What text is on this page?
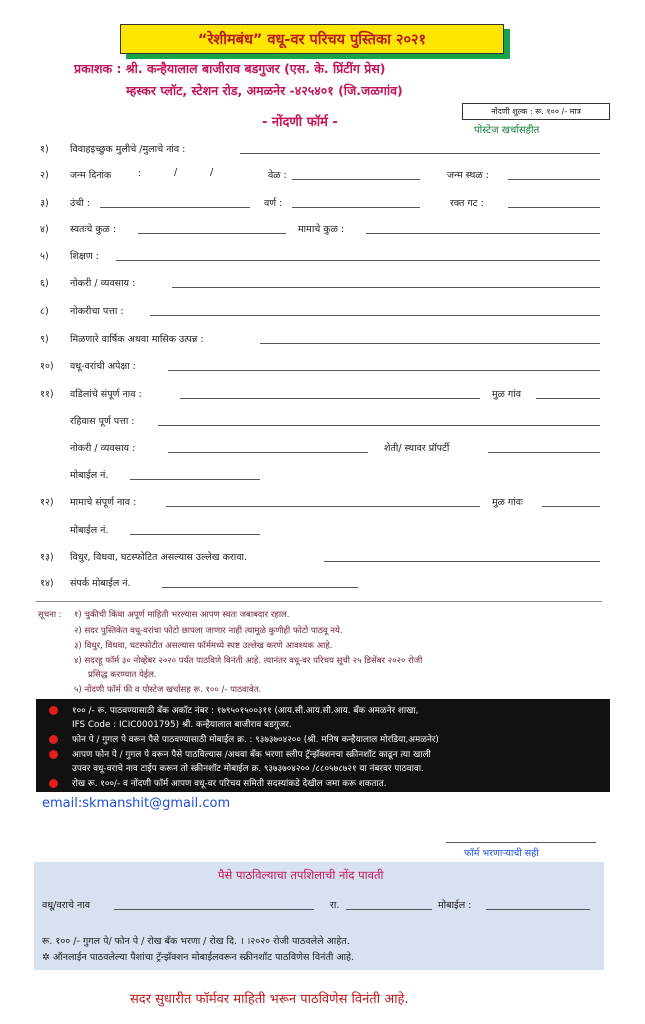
“रेशीमबंध” वधू-वर परिचय पुस्तिका २०२१
प्रकाशक : श्री. कन्हैयालाल बाजीराव बडगुजर (एस. के. प्रिंटींग प्रेस)
म्हस्कर प्लॉट, स्टेशन रोड, अमळनेर -४२५४०१ (जि.जळगांव)
- नोंदणी फॉर्म -
नोंदणी शुल्क : रू. १०० /- मात्र
पोस्टेज खर्चासहीत
१) विवाहइच्छुक मुलीचे /मुलाचे नांव :
२) जन्म दिनांक	:	/	/	वेळ :	जन्म स्थळ :
३) उंची :	वर्ण :	रक्त गट :
४) स्वतःचे कुळ :	मामाचे कुळ :
५) शिक्षण :
६) नोकरी / व्यवसाय :
८) नोकरीचा पत्ता :
९) मिळणारे वार्षिक अथवा मासिक उत्पन्न :
१०) वधू-वरांची अपेक्षा :
११) वडिलांचे संपूर्ण नाव :	मुळ गांव
रहिवास पूर्ण पत्ता :
नोकरी / व्यवसाय :	शेती/ स्थावर प्रॉपर्टी
मोबाईल नं.
१२) मामाचे संपूर्ण नाव :	मुळ गांवः
मोबाईल नं.
१३) विधुर, विधवा, घटस्फोटित असल्यास उल्लेख करावा.
१४) संपर्क मोबाईल नं.
सूचना : १) चुकीची किंवा अपूर्ण माहिती भरल्यास आपण स्वतः जबाबदार रहाल.
२) सदर पुस्तिकेत वधू-वरांचा फोटो छापला जाणार नाही त्यामुळे कुणीही फोटो पाठवू नये.
३) विधुर, विधवा, घटस्फोटीत असल्यास फॉर्ममध्ये स्पष्ट उल्लेख करणे आवश्यक आहे.
४) सदरहू फॉर्म ३० नोव्हेंबर २०२० पर्यंत पाठविणे विनंती आहे. त्यानंतर वधू-वर परिचय सूची २५ डिसेंबर २०२० रोजी
प्रसिद्ध करण्यात येईल.
५) नोंदणी फॉर्म फी व पोस्टेज खर्चासह रू. १०० /- पाठवावेत.
१०० /- रू. पाठवण्यासाठी बँक अकॉट नंबर : १७९५०१५००३११ (आय.सी.आय.सी.आय. बँक अमळनेर शाखा,
IFS Code : ICIC0001795) श्री. कन्हैयालाल बाजीराव बडगुजर.
फोन पे / गुगल पे वरून पैसे पाठवण्यासाठी मोबाईल क्र. : ९३७३७०४२०० (श्री. मनिष कन्हैयालाल मोरडिया,अमळनेर)
आपण फोन पे / गुगल पे वरून पैसे पाठविल्यास /अथवा बँक भरणा स्लीप ट्रॅन्झॅक्शनचा स्क्रीनशॉट काढून त्या खाली
उपवर वधू-वराचे नाव टाईप करून तो स्क्रीनशॉट मोबाईल क्र. ९३७३७०४२०० /८८०५७८७२१ या नंबरवर पाठवावा.
रोख रू. १००/- व नोंदणी फॉर्म आपण वधू-वर परिचय समिती सदस्यांकडे देखील जमा करू शकतात.
email:skmanshit@gmail.com
फॉर्म भरणाऱ्याची सही
पैसे पाठविल्याचा तपशिलाची नोंद पावती
वधू/वराचे नाव	रा.	मोबाईल :
रू. १०० /- गुगल पे/ फोन पे / रोख बँक भरणा / रोख दि. । ।२०२० रोजी पाठवलेले आहेत.
✲ ऑनलाईन पाठवलेल्या पैशांचा ट्रॅन्झॅक्शन मोबाईलवरून स्क्रीनशॉट पाठविणेस विनंती आहे.
सदर सुधारीत फॉर्मवर माहिती भरून पाठविणेस विनंती आहे.
